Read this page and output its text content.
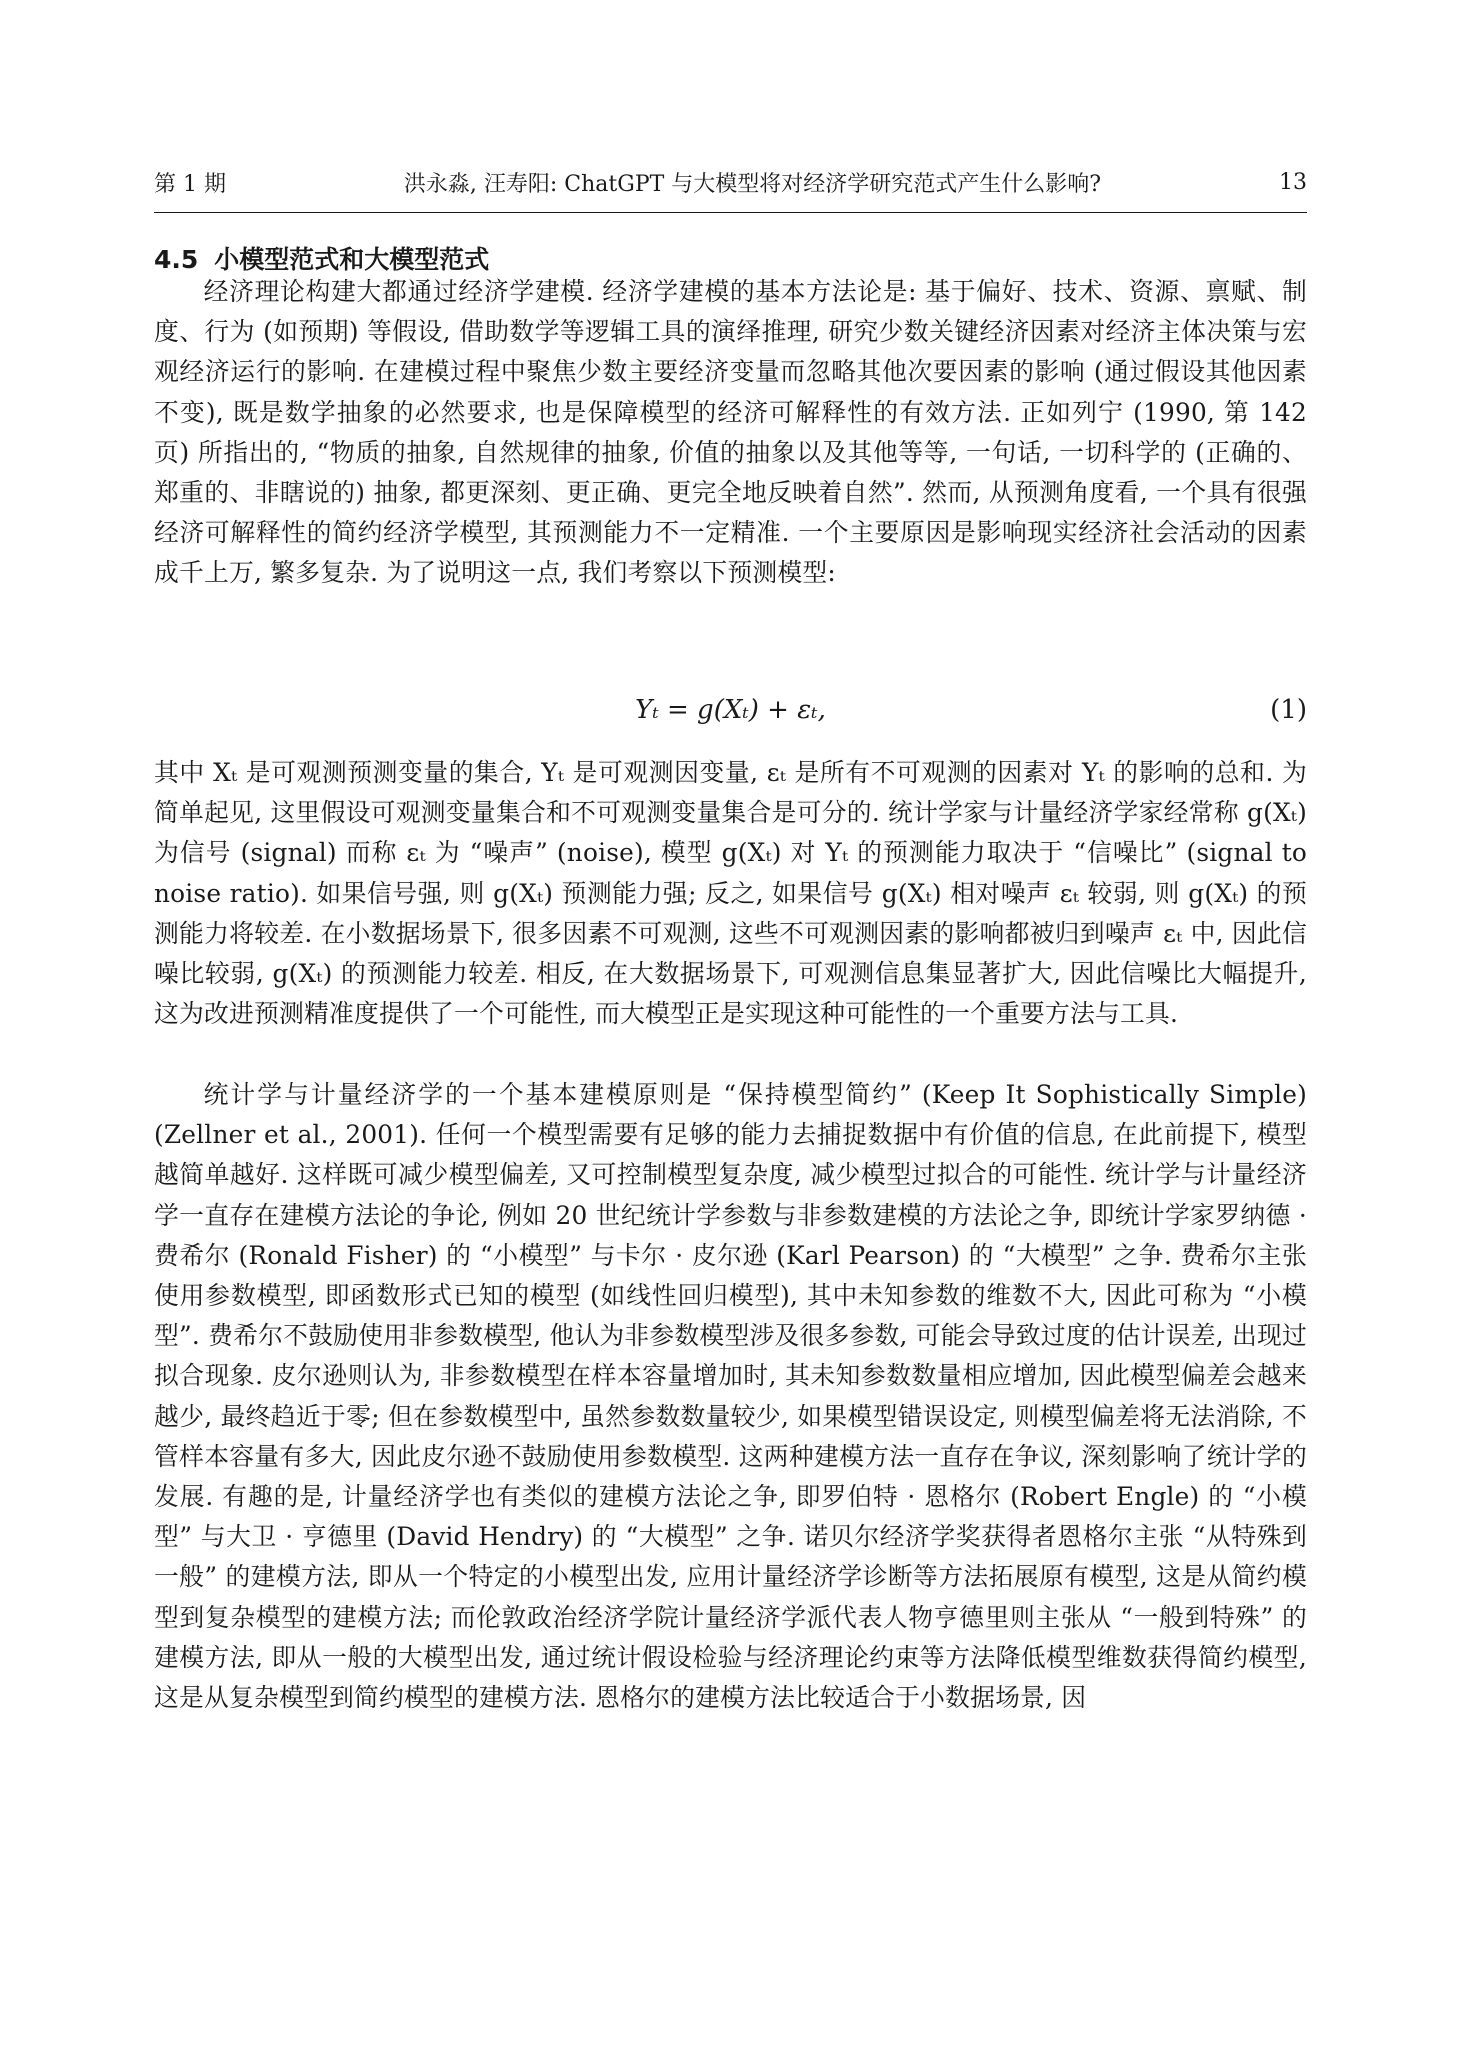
第 1 期	洪永淼, 汪寿阳: ChatGPT 与大模型将对经济学研究范式产生什么影响?	13
4.5 小模型范式和大模型范式

经济理论构建大都通过经济学建模. 经济学建模的基本方法论是: 基于偏好、技术、资源、禀赋、制度、行为 (如预期) 等假设, 借助数学等逻辑工具的演绎推理, 研究少数关键经济因素对经济主体决策与宏观经济运行的影响. 在建模过程中聚焦少数主要经济变量而忽略其他次要因素的影响 (通过假设其他因素不变), 既是数学抽象的必然要求, 也是保障模型的经济可解释性的有效方法. 正如列宁 (1990, 第 142 页) 所指出的, “物质的抽象, 自然规律的抽象, 价值的抽象以及其他等等, 一句话, 一切科学的 (正确的、郑重的、非瞎说的) 抽象, 都更深刻、更正确、更完全地反映着自然”. 然而, 从预测角度看, 一个具有很强经济可解释性的简约经济学模型, 其预测能力不一定精准. 一个主要原因是影响现实经济社会活动的因素成千上万, 繁多复杂. 为了说明这一点, 我们考察以下预测模型:

Yₜ = g(Xₜ) + εₜ,	(1)

其中 Xₜ 是可观测预测变量的集合, Yₜ 是可观测因变量, εₜ 是所有不可观测的因素对 Yₜ 的影响的总和. 为简单起见, 这里假设可观测变量集合和不可观测变量集合是可分的. 统计学家与计量经济学家经常称 g(Xₜ) 为信号 (signal) 而称 εₜ 为 “噪声” (noise), 模型 g(Xₜ) 对 Yₜ 的预测能力取决于 “信噪比” (signal to noise ratio). 如果信号强, 则 g(Xₜ) 预测能力强; 反之, 如果信号 g(Xₜ) 相对噪声 εₜ 较弱, 则 g(Xₜ) 的预测能力将较差. 在小数据场景下, 很多因素不可观测, 这些不可观测因素的影响都被归到噪声 εₜ 中, 因此信噪比较弱, g(Xₜ) 的预测能力较差. 相反, 在大数据场景下, 可观测信息集显著扩大, 因此信噪比大幅提升, 这为改进预测精准度提供了一个可能性, 而大模型正是实现这种可能性的一个重要方法与工具.

统计学与计量经济学的一个基本建模原则是 “保持模型简约” (Keep It Sophistically Simple) (Zellner et al., 2001). 任何一个模型需要有足够的能力去捕捉数据中有价值的信息, 在此前提下, 模型越简单越好. 这样既可减少模型偏差, 又可控制模型复杂度, 减少模型过拟合的可能性. 统计学与计量经济学一直存在建模方法论的争论, 例如 20 世纪统计学参数与非参数建模的方法论之争, 即统计学家罗纳德 · 费希尔 (Ronald Fisher) 的 “小模型” 与卡尔 · 皮尔逊 (Karl Pearson) 的 “大模型” 之争. 费希尔主张使用参数模型, 即函数形式已知的模型 (如线性回归模型), 其中未知参数的维数不大, 因此可称为 “小模型”. 费希尔不鼓励使用非参数模型, 他认为非参数模型涉及很多参数, 可能会导致过度的估计误差, 出现过拟合现象. 皮尔逊则认为, 非参数模型在样本容量增加时, 其未知参数数量相应增加, 因此模型偏差会越来越少, 最终趋近于零; 但在参数模型中, 虽然参数数量较少, 如果模型错误设定, 则模型偏差将无法消除, 不管样本容量有多大, 因此皮尔逊不鼓励使用参数模型. 这两种建模方法一直存在争议, 深刻影响了统计学的发展. 有趣的是, 计量经济学也有类似的建模方法论之争, 即罗伯特 · 恩格尔 (Robert Engle) 的 “小模型” 与大卫 · 亨德里 (David Hendry) 的 “大模型” 之争. 诺贝尔经济学奖获得者恩格尔主张 “从特殊到一般” 的建模方法, 即从一个特定的小模型出发, 应用计量经济学诊断等方法拓展原有模型, 这是从简约模型到复杂模型的建模方法; 而伦敦政治经济学院计量经济学派代表人物亨德里则主张从 “一般到特殊” 的建模方法, 即从一般的大模型出发, 通过统计假设检验与经济理论约束等方法降低模型维数获得简约模型, 这是从复杂模型到简约模型的建模方法. 恩格尔的建模方法比较适合于小数据场景, 因
